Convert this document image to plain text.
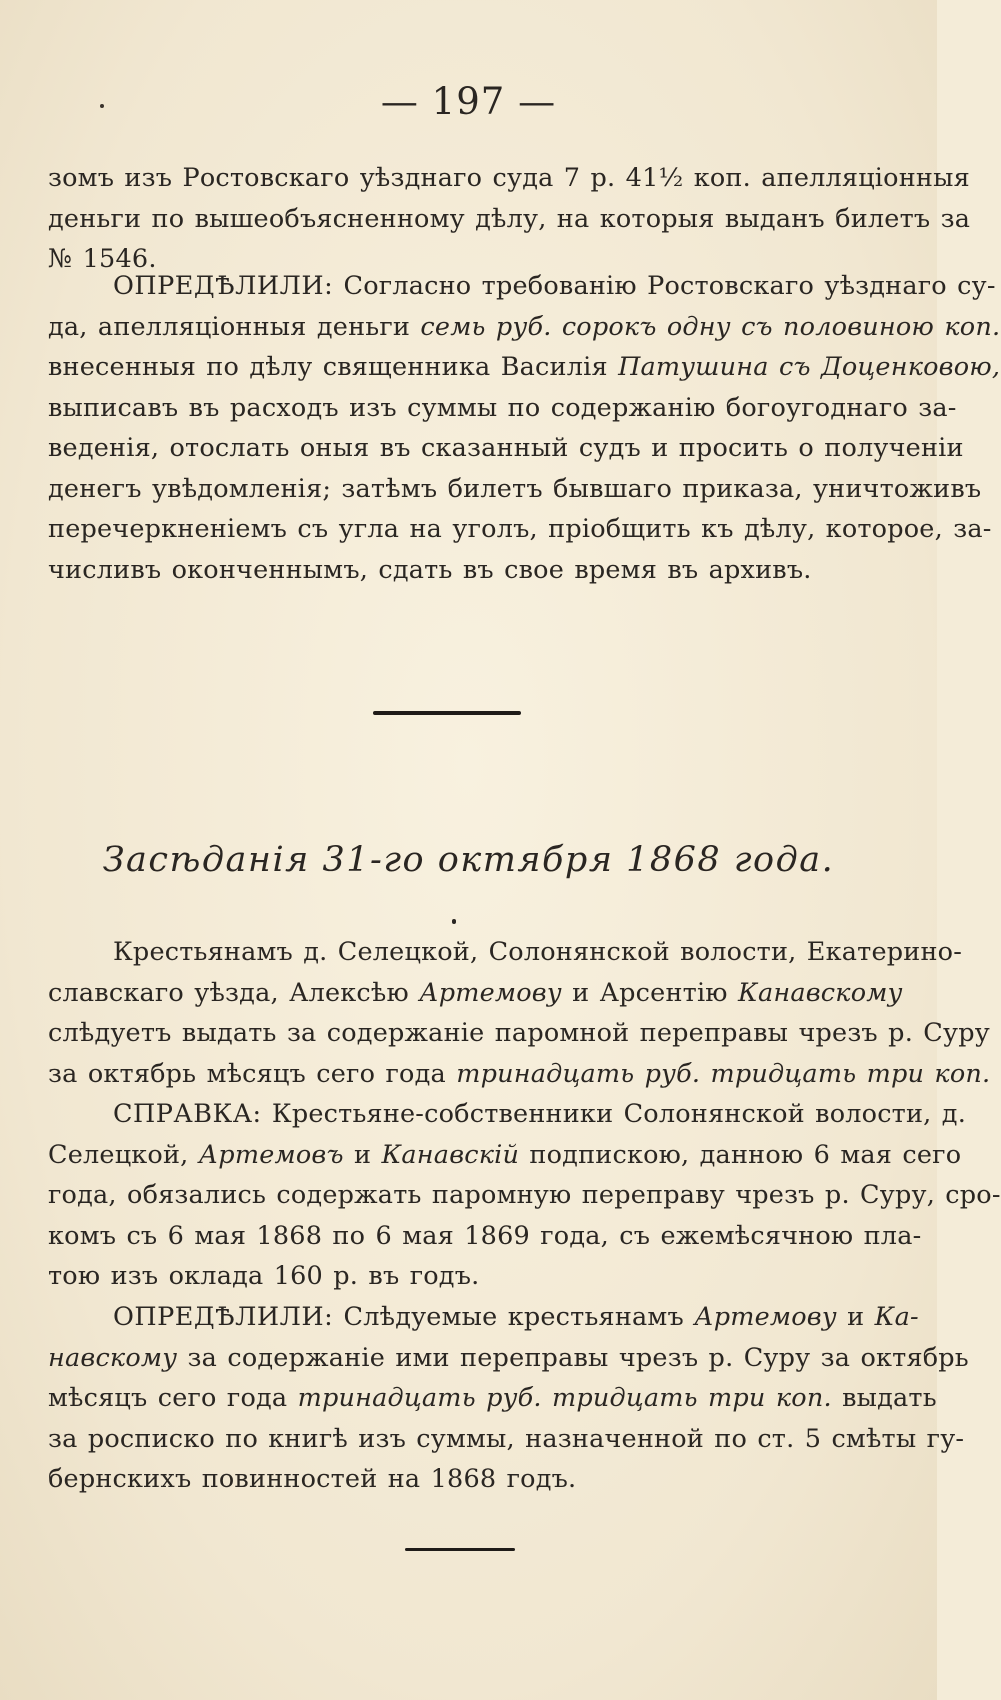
— 197 —
зомъ изъ Ростовскаго уѣзднаго суда 7 р. 41½ коп. апелляціонныя
деньги по вышеобъясненному дѣлу, на которыя выданъ билетъ за
№ 1546.
ОПРЕДѢЛИЛИ: Согласно требованію Ростовскаго уѣзднаго су-
да, апелляціонныя деньги семь руб. сорокъ одну съ половиною коп.
внесенныя по дѣлу священника Василія Патушина съ Доценковою,
выписавъ въ расходъ изъ суммы по содержанію богоугоднаго за-
веденія, отослать оныя въ сказанный судъ и просить о полученіи
денегъ увѣдомленія; затѣмъ билетъ бывшаго приказа, уничтоживъ
перечеркненіемъ съ угла на уголъ, пріобщить къ дѣлу, которое, за-
числивъ оконченнымъ, сдать въ свое время въ архивъ.
Засѣданія 31-го октября 1868 года.
Крестьянамъ д. Селецкой, Солонянской волости, Екатерино-
славскаго уѣзда, Алексѣю Артемову и Арсентію Канавскому
слѣдуетъ выдать за содержаніе паромной переправы чрезъ р. Суру
за октябрь мѣсяцъ сего года тринадцать руб. тридцать три коп.
СПРАВКА: Крестьяне-собственники Солонянской волости, д.
Селецкой, Артемовъ и Канавскій подпискою, данною 6 мая сего
года, обязались содержать паромную переправу чрезъ р. Суру, сро-
комъ съ 6 мая 1868 по 6 мая 1869 года, съ ежемѣсячною пла-
тою изъ оклада 160 р. въ годъ.
ОПРЕДѢЛИЛИ: Слѣдуемые крестьянамъ Артемову и Ка-
навскому за содержаніе ими переправы чрезъ р. Суру за октябрь
мѣсяцъ сего года тринадцать руб. тридцать три коп. выдать
за росписко по книгѣ изъ суммы, назначенной по ст. 5 смѣты гу-
бернскихъ повинностей на 1868 годъ.
